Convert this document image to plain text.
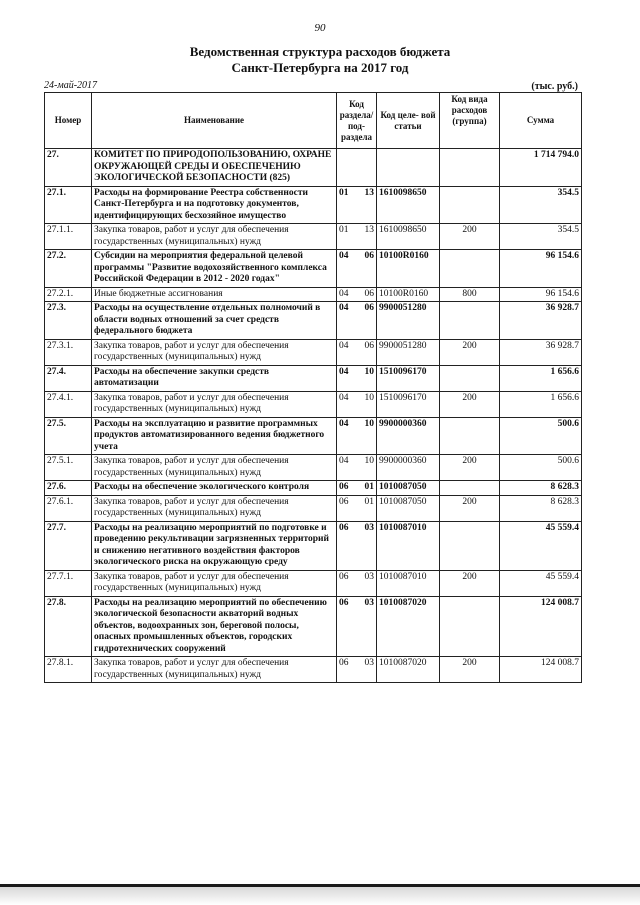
90
Ведомственная структура расходов бюджета
Санкт-Петербурга на 2017 год
24-май-2017	(тыс. руб.)
Номер	Наименование	Код раздела/ под- раздела	Код целе- вой статьи	Код вида расходов (группа)	Сумма
27.	КОМИТЕТ ПО ПРИРОДОПОЛЬЗОВАНИЮ, ОХРАНЕ ОКРУЖАЮЩЕЙ СРЕДЫ И ОБЕСПЕЧЕНИЮ ЭКОЛОГИЧЕСКОЙ БЕЗОПАСНОСТИ (825)				1 714 794.0
27.1.	Расходы на формирование Реестра собственности Санкт-Петербурга и на подготовку документов, идентифицирующих бесхозяйное имущество	01 13	1610098650		354.5
27.1.1.	Закупка товаров, работ и услуг для обеспечения государственных (муниципальных) нужд	01 13	1610098650	200	354.5
27.2.	Субсидии на мероприятия федеральной целевой программы "Развитие водохозяйственного комплекса Российской Федерации в 2012 - 2020 годах"	04 06	10100R0160		96 154.6
27.2.1.	Иные бюджетные ассигнования	04 06	10100R0160	800	96 154.6
27.3.	Расходы на осуществление отдельных полномочий в области водных отношений за счет средств федерального бюджета	04 06	9900051280		36 928.7
27.3.1.	Закупка товаров, работ и услуг для обеспечения государственных (муниципальных) нужд	04 06	9900051280	200	36 928.7
27.4.	Расходы на обеспечение закупки средств автоматизации	04 10	1510096170		1 656.6
27.4.1.	Закупка товаров, работ и услуг для обеспечения государственных (муниципальных) нужд	04 10	1510096170	200	1 656.6
27.5.	Расходы на эксплуатацию и развитие программных продуктов автоматизированного ведения бюджетного учета	04 10	9900000360		500.6
27.5.1.	Закупка товаров, работ и услуг для обеспечения государственных (муниципальных) нужд	04 10	9900000360	200	500.6
27.6.	Расходы на обеспечение экологического контроля	06 01	1010087050		8 628.3
27.6.1.	Закупка товаров, работ и услуг для обеспечения государственных (муниципальных) нужд	06 01	1010087050	200	8 628.3
27.7.	Расходы на реализацию мероприятий по подготовке и проведению рекультивации загрязненных территорий и снижению негативного воздействия факторов экологического риска на окружающую среду	06 03	1010087010		45 559.4
27.7.1.	Закупка товаров, работ и услуг для обеспечения государственных (муниципальных) нужд	06 03	1010087010	200	45 559.4
27.8.	Расходы на реализацию мероприятий по обеспечению экологической безопасности акваторий водных объектов, водоохранных зон, береговой полосы, опасных промышленных объектов, городских гидротехнических сооружений	06 03	1010087020		124 008.7
27.8.1.	Закупка товаров, работ и услуг для обеспечения государственных (муниципальных) нужд	06 03	1010087020	200	124 008.7
